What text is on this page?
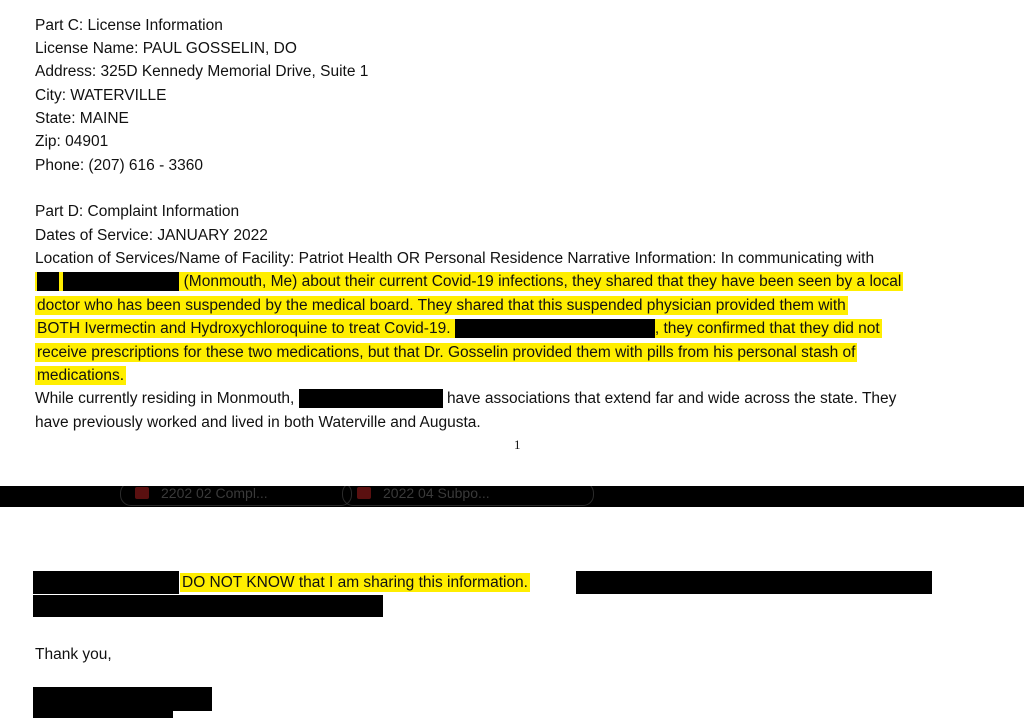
Part C: License Information
License Name: PAUL GOSSELIN, DO
Address: 325D Kennedy Memorial Drive, Suite 1
City: WATERVILLE
State: MAINE
Zip: 04901
Phone: (207) 616 - 3360
Part D: Complaint Information
Dates of Service: JANUARY 2022
Location of Services/Name of Facility: Patriot Health OR Personal Residence Narrative Information: In communicating with
(Monmouth, Me) about their current Covid-19 infections, they shared that they have been seen by a local
doctor who has been suspended by the medical board. They shared that this suspended physician provided them with
BOTH Ivermectin and Hydroxychloroquine to treat Covid-19.	, they confirmed that they did not
receive prescriptions for these two medications, but that Dr. Gosselin provided them with pills from his personal stash of
medications.
While currently residing in Monmouth,	have associations that extend far and wide across the state. They
have previously worked and lived in both Waterville and Augusta.
1
2202 02 Compl...	2022 04 Subpo...
DO NOT KNOW that I am sharing this information.
Thank you,
